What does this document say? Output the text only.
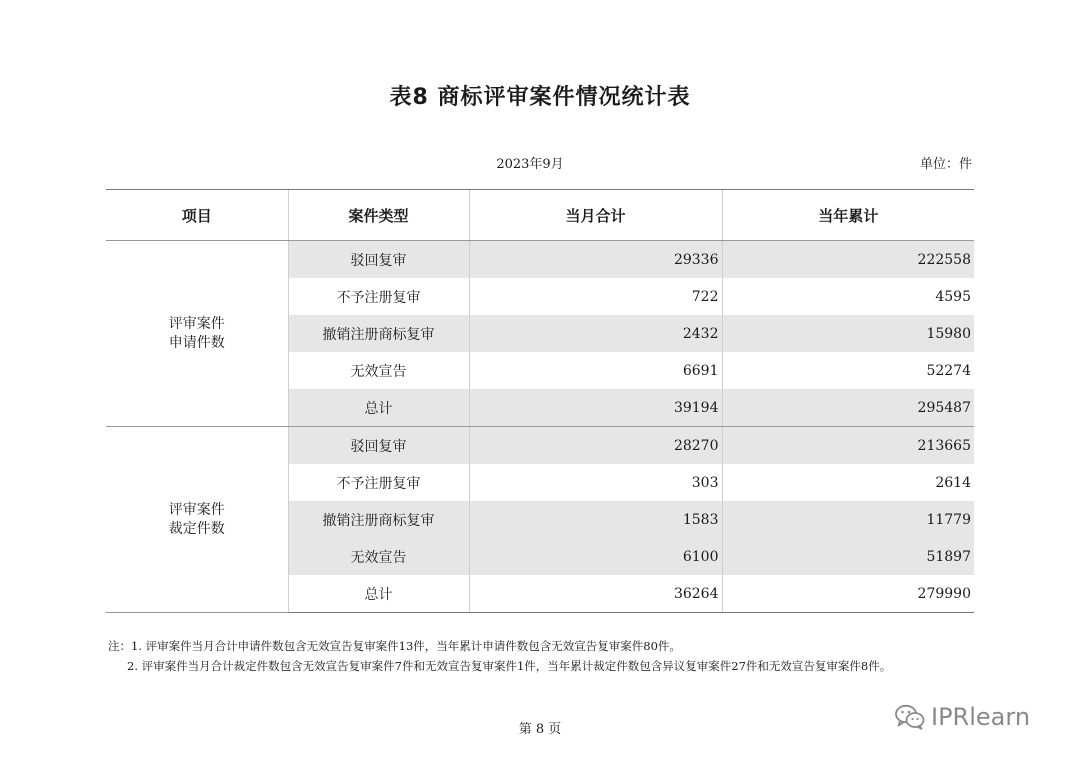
表8 商标评审案件情况统计表
2023年9月	单位：件
项目	案件类型	当月合计	当年累计

评审案件
申请件数	驳回复审	29336	222558
	不予注册复审	722	4595
	撤销注册商标复审	2432	15980
	无效宣告	6691	52274
	总计	39194	295487

评审案件
裁定件数	驳回复审	28270	213665
	不予注册复审	303	2614
	撤销注册商标复审	1583	11779
	无效宣告	6100	51897
	总计	36264	279990
注：1. 评审案件当月合计申请件数包含无效宣告复审案件13件，当年累计申请件数包含无效宣告复审案件80件。
2. 评审案件当月合计裁定件数包含无效宣告复审案件7件和无效宣告复审案件1件，当年累计裁定件数包含异议复审案件27件和无效宣告复审案件8件。
第 8 页	IPRlearn
